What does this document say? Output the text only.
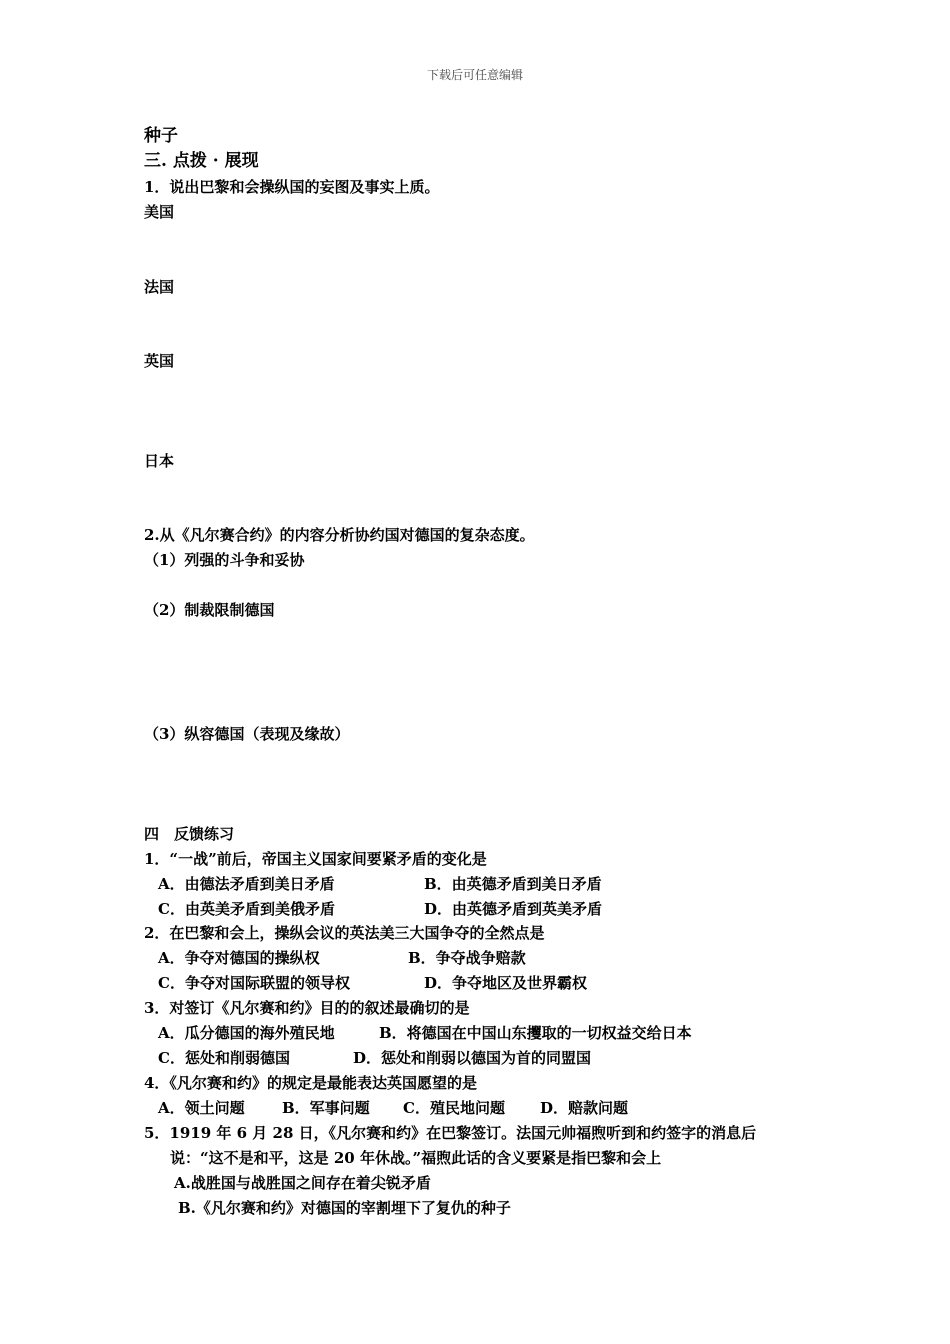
下载后可任意编辑
种子
三. 点拨 · 展现
1．说出巴黎和会操纵国的妄图及事实上质。
美国
法国
英国
日本
2.从《凡尔赛合约》的内容分析协约国对德国的复杂态度。
（1）列强的斗争和妥协
（2）制裁限制德国
（3）纵容德国（表现及缘故）
四　反馈练习
1．“一战”前后，帝国主义国家间要紧矛盾的变化是
A．由德法矛盾到美日矛盾	B．由英德矛盾到美日矛盾
C．由英美矛盾到美俄矛盾	D．由英德矛盾到英美矛盾
2．在巴黎和会上，操纵会议的英法美三大国争夺的全然点是
A．争夺对德国的操纵权	B．争夺战争赔款
C．争夺对国际联盟的领导权	D．争夺地区及世界霸权
3．对签订《凡尔赛和约》目的的叙述最确切的是
A．瓜分德国的海外殖民地	B．将德国在中国山东攫取的一切权益交给日本
C．惩处和削弱德国	D．惩处和削弱以德国为首的同盟国
4．《凡尔赛和约》的规定是最能表达英国愿望的是
A．领土问题 B．军事问题 C．殖民地问题 D．赔款问题
5．1919 年 6 月 28 日，《凡尔赛和约》在巴黎签订。法国元帅福煦听到和约签字的消息后
说：“这不是和平，这是 20 年休战。”福煦此话的含义要紧是指巴黎和会上
A.战胜国与战胜国之间存在着尖锐矛盾
B.《凡尔赛和约》对德国的宰割埋下了复仇的种子
